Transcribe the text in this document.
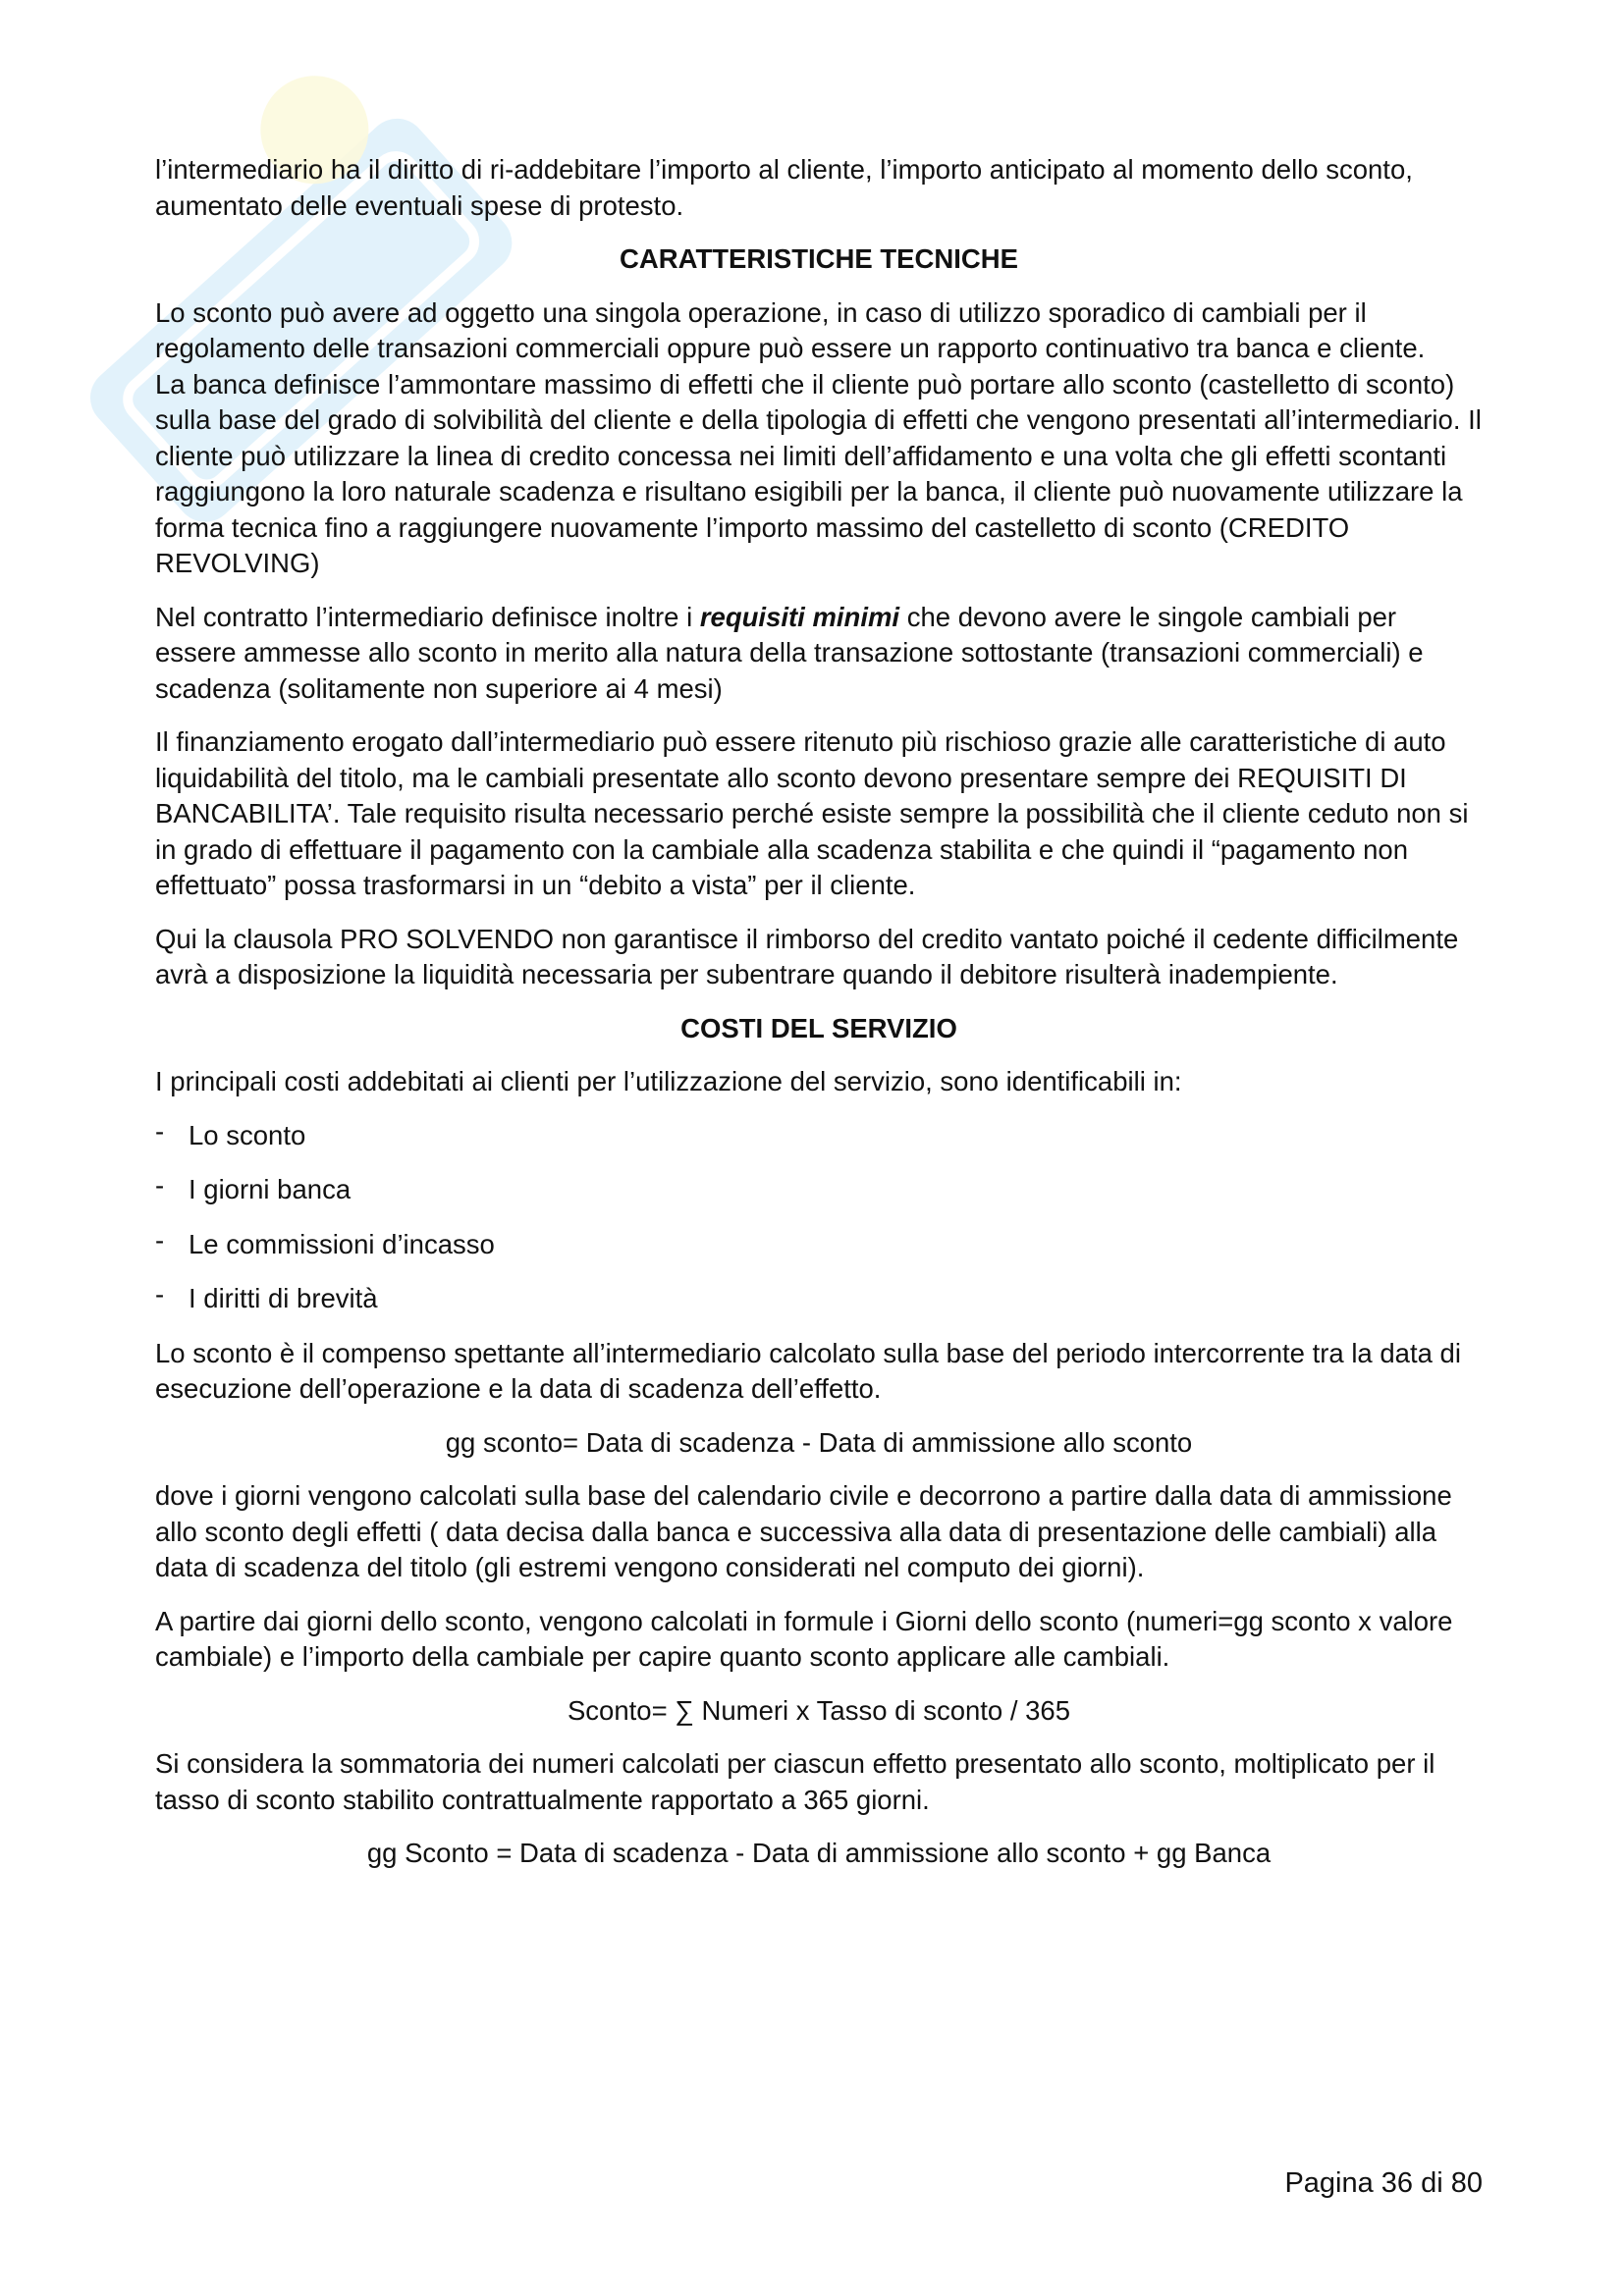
l’intermediario ha il diritto di ri-addebitare l’importo al cliente, l’importo anticipato al momento dello sconto, aumentato delle eventuali spese di protesto.

CARATTERISTICHE TECNICHE

Lo sconto può avere ad oggetto una singola operazione, in caso di utilizzo sporadico di cambiali per il regolamento delle transazioni commerciali oppure può essere un rapporto continuativo tra banca e cliente.

La banca definisce l’ammontare massimo di effetti che il cliente può portare allo sconto (castelletto di sconto) sulla base del grado di solvibilità del cliente e della tipologia di effetti che vengono presentati all’intermediario. Il cliente può utilizzare la linea di credito concessa nei limiti dell’affidamento e una volta che gli effetti scontanti raggiungono la loro naturale scadenza e risultano esigibili per la banca, il cliente può nuovamente utilizzare la forma tecnica fino a raggiungere nuovamente l’importo massimo del castelletto di sconto (CREDITO REVOLVING)

Nel contratto l’intermediario definisce inoltre i requisiti minimi che devono avere le singole cambiali per essere ammesse allo sconto in merito alla natura della transazione sottostante (transazioni commerciali) e scadenza (solitamente non superiore ai 4 mesi)

Il finanziamento erogato dall’intermediario può essere ritenuto più rischioso grazie alle caratteristiche di auto liquidabilità del titolo, ma le cambiali presentate allo sconto devono presentare sempre dei REQUISITI DI BANCABILITA’. Tale requisito risulta necessario perché esiste sempre la possibilità che il cliente ceduto non si in grado di effettuare il pagamento con la cambiale alla scadenza stabilita e che quindi il “pagamento non effettuato” possa trasformarsi in un “debito a vista” per il cliente.

Qui la clausola PRO SOLVENDO non garantisce il rimborso del credito vantato poiché il cedente difficilmente avrà a disposizione la liquidità necessaria per subentrare quando il debitore risulterà inadempiente.

COSTI DEL SERVIZIO

I principali costi addebitati ai clienti per l’utilizzazione del servizio, sono identificabili in:

- Lo sconto
- I giorni banca
- Le commissioni d’incasso
- I diritti di brevità

Lo sconto è il compenso spettante all’intermediario calcolato sulla base del periodo intercorrente tra la data di esecuzione dell’operazione e la data di scadenza dell’effetto.

gg sconto= Data di scadenza - Data di ammissione allo sconto

dove i giorni vengono calcolati sulla base del calendario civile e decorrono a partire dalla data di ammissione allo sconto degli effetti ( data decisa dalla banca e successiva alla data di presentazione delle cambiali) alla data di scadenza del titolo (gli estremi vengono considerati nel computo dei giorni).

A partire dai giorni dello sconto, vengono calcolati in formule i Giorni dello sconto (numeri=gg sconto x valore cambiale) e l’importo della cambiale per capire quanto sconto applicare alle cambiali.

Sconto= ∑ Numeri x Tasso di sconto / 365

Si considera la sommatoria dei numeri calcolati per ciascun effetto presentato allo sconto, moltiplicato per il tasso di sconto stabilito contrattualmente rapportato a 365 giorni.

gg Sconto = Data di scadenza - Data di ammissione allo sconto + gg Banca

Pagina 36 di 80
